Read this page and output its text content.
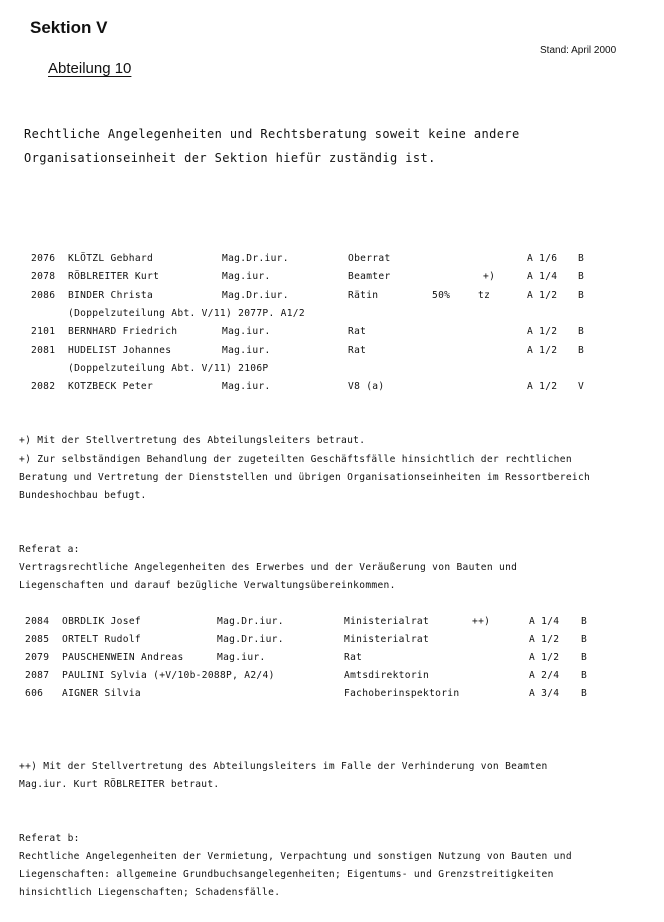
Sektion V
Stand: April 2000
Abteilung 10
Rechtliche Angelegenheiten und Rechtsberatung soweit keine andere
Organisationseinheit der Sektion hiefür zuständig ist.
2076 KLÖTZL Gebhard	Mag.Dr.iur.	Oberrat	A 1/6 B
2078 RÖBLREITER Kurt	Mag.iur.	Beamter	+)	A 1/4 B
2086 BINDER Christa	Mag.Dr.iur.	Rätin	50%	tz	A 1/2 B
(Doppelzuteilung Abt. V/11) 2077P. A1/2
2101 BERNHARD Friedrich	Mag.iur.	Rat	A 1/2 B
2081 HUDELIST Johannes	Mag.iur.	Rat	A 1/2 B
(Doppelzuteilung Abt. V/11) 2106P
2082 KOTZBECK Peter	Mag.iur.	V8 (a)	A 1/2 V
+) Mit der Stellvertretung des Abteilungsleiters betraut.
+) Zur selbständigen Behandlung der zugeteilten Geschäftsfälle hinsichtlich der rechtlichen
Beratung und Vertretung der Dienststellen und übrigen Organisationseinheiten im Ressortbereich
Bundeshochbau befugt.
Referat a:
Vertragsrechtliche Angelegenheiten des Erwerbes und der Veräußerung von Bauten und
Liegenschaften und darauf bezügliche Verwaltungsübereinkommen.
2084 OBRDLIK Josef	Mag.Dr.iur.	Ministerialrat	++)	A 1/4 B
2085 ORTELT Rudolf	Mag.Dr.iur.	Ministerialrat	A 1/2 B
2079 PAUSCHENWEIN Andreas	Mag.iur.	Rat	A 1/2 B
2087 PAULINI Sylvia (+V/10b-2088P, A2/4)	Amtsdirektorin	A 2/4 B
606 AIGNER Silvia	Fachoberinspektorin	A 3/4 B
++) Mit der Stellvertretung des Abteilungsleiters im Falle der Verhinderung von Beamten
Mag.iur. Kurt RÖBLREITER betraut.
Referat b:
Rechtliche Angelegenheiten der Vermietung, Verpachtung und sonstigen Nutzung von Bauten und
Liegenschaften: allgemeine Grundbuchsangelegenheiten; Eigentums- und Grenzstreitigkeiten
hinsichtlich Liegenschaften; Schadensfälle.
